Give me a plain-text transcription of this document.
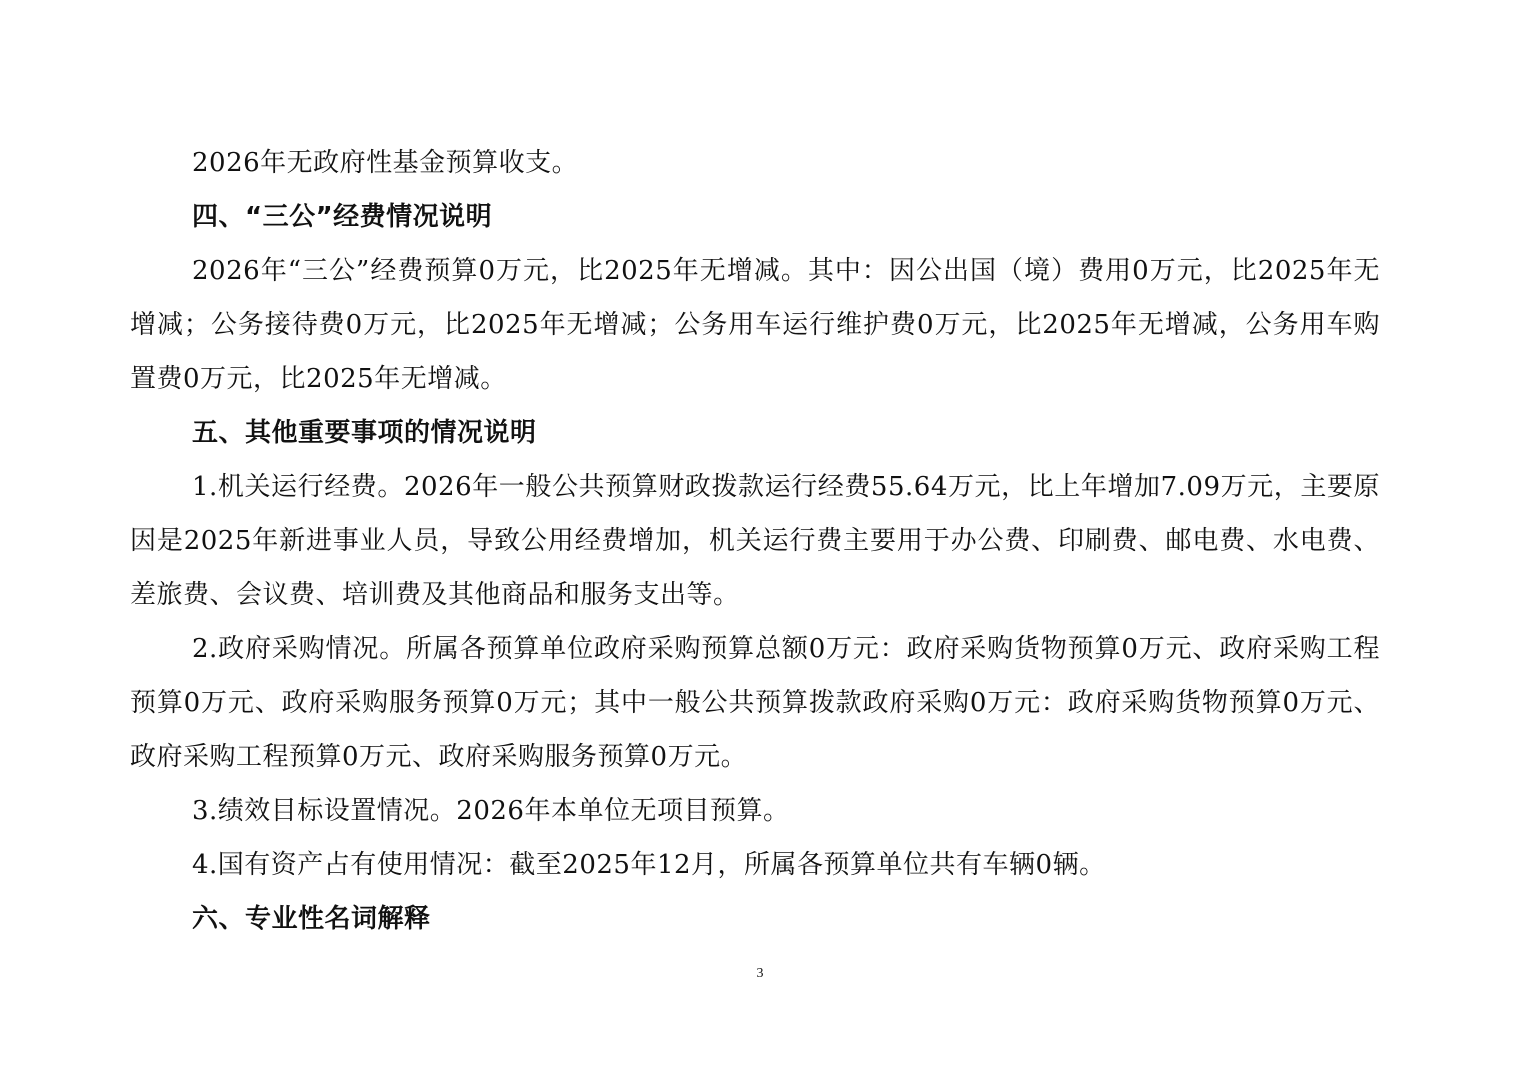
2026年无政府性基金预算收支。

四、“三公”经费情况说明

2026年“三公”经费预算0万元，比2025年无增减。其中：因公出国（境）费用0万元，比2025年无增减；公务接待费0万元，比2025年无增减；公务用车运行维护费0万元，比2025年无增减，公务用车购置费0万元，比2025年无增减。

五、其他重要事项的情况说明

1.机关运行经费。2026年一般公共预算财政拨款运行经费55.64万元，比上年增加7.09万元，主要原因是2025年新进事业人员，导致公用经费增加，机关运行费主要用于办公费、印刷费、邮电费、水电费、差旅费、会议费、培训费及其他商品和服务支出等。

2.政府采购情况。所属各预算单位政府采购预算总额0万元：政府采购货物预算0万元、政府采购工程预算0万元、政府采购服务预算0万元；其中一般公共预算拨款政府采购0万元：政府采购货物预算0万元、政府采购工程预算0万元、政府采购服务预算0万元。

3.绩效目标设置情况。2026年本单位无项目预算。

4.国有资产占有使用情况：截至2025年12月，所属各预算单位共有车辆0辆。

六、专业性名词解释

3
